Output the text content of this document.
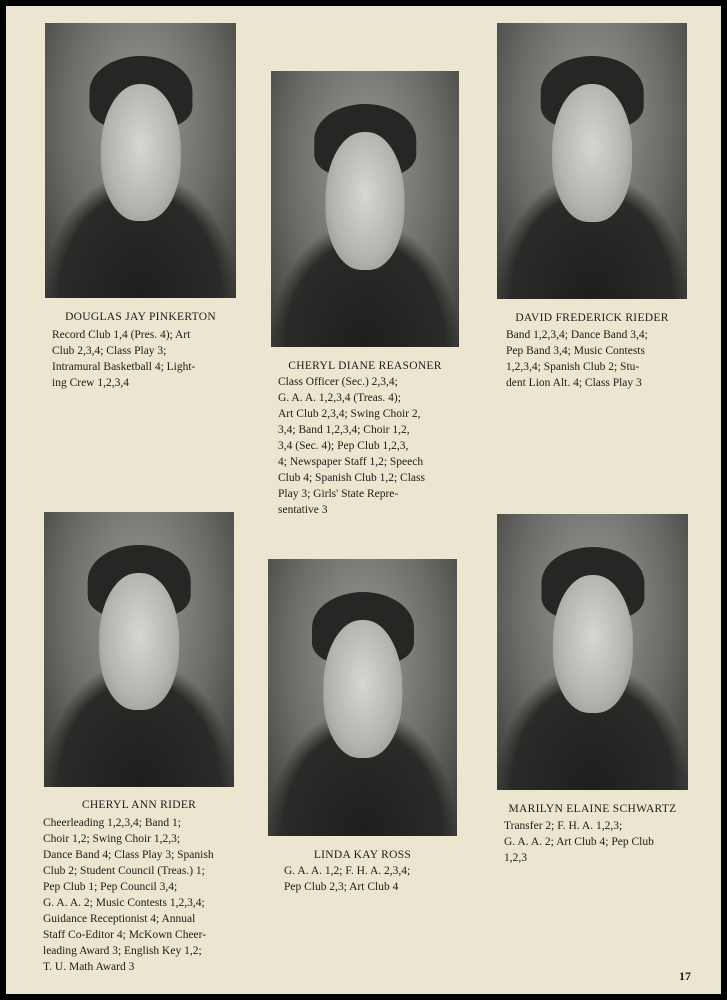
DOUGLAS JAY PINKERTON
Record Club 1,4 (Pres. 4); Art
Club 2,3,4; Class Play 3;
Intramural Basketball 4; Light-
ing Crew 1,2,3,4
CHERYL DIANE REASONER
Class Officer (Sec.) 2,3,4;
G. A. A. 1,2,3,4 (Treas. 4);
Art Club 2,3,4; Swing Choir 2,
3,4; Band 1,2,3,4; Choir 1,2,
3,4 (Sec. 4); Pep Club 1,2,3,
4; Newspaper Staff 1,2; Speech
Club 4; Spanish Club 1,2; Class
Play 3; Girls' State Repre-
sentative 3
DAVID FREDERICK RIEDER
Band 1,2,3,4; Dance Band 3,4;
Pep Band 3,4; Music Contests
1,2,3,4; Spanish Club 2; Stu-
dent Lion Alt. 4; Class Play 3
CHERYL ANN RIDER
Cheerleading 1,2,3,4; Band 1;
Choir 1,2; Swing Choir 1,2,3;
Dance Band 4; Class Play 3; Spanish
Club 2; Student Council (Treas.) 1;
Pep Club 1; Pep Council 3,4;
G. A. A. 2; Music Contests 1,2,3,4;
Guidance Receptionist 4; Annual
Staff Co-Editor 4; McKown Cheer-
leading Award 3; English Key 1,2;
T. U. Math Award 3
LINDA KAY ROSS
G. A. A. 1,2; F. H. A. 2,3,4;
Pep Club 2,3; Art Club 4
MARILYN ELAINE SCHWARTZ
Transfer 2; F. H. A. 1,2,3;
G. A. A. 2; Art Club 4; Pep Club
1,2,3
17
